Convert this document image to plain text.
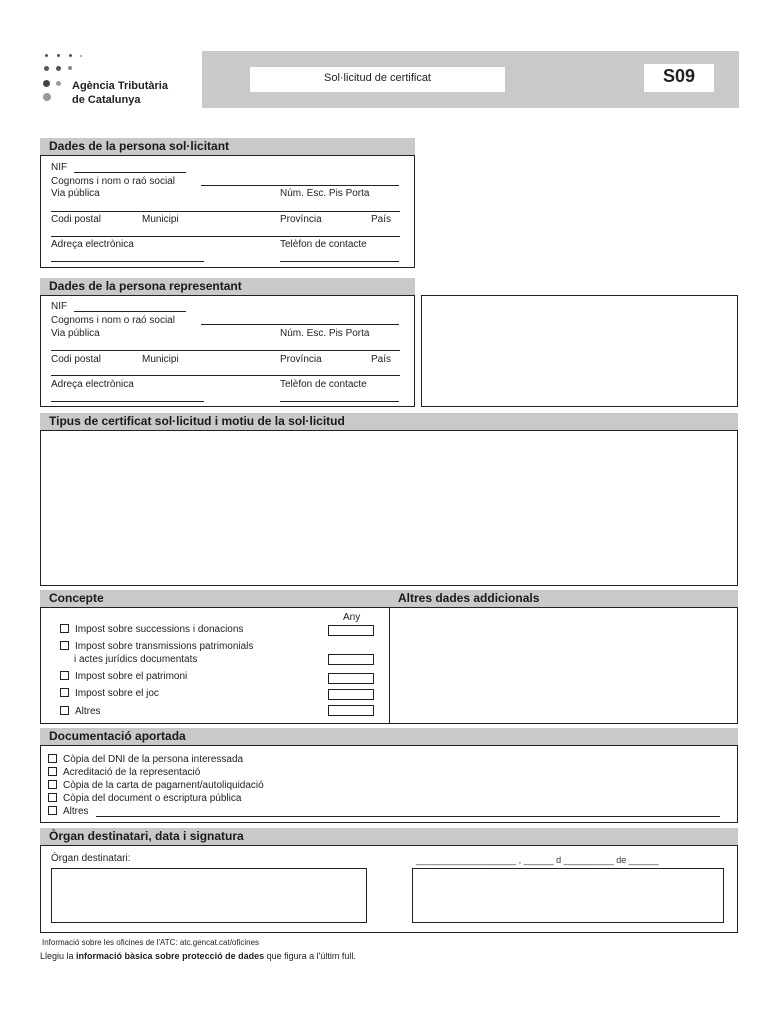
Agència Tributària
de Catalunya
Sol·licitud de certificat	S09
Dades de la persona sol·licitant
NIF
Cognoms i nom o raó social
Via pública	Núm. Esc. Pis Porta
Codi postal	Municipi	Província	País
Adreça electrònica	Telèfon de contacte
Dades de la persona representant
NIF
Cognoms i nom o raó social
Via pública	Núm. Esc. Pis Porta
Codi postal	Municipi	Província	País
Adreça electrònica	Telèfon de contacte
Tipus de certificat sol·licitud i motiu de la sol·licitud
Concepte	Altres dades addicionals
Any
Impost sobre successions i donacions
Impost sobre transmissions patrimonials
i actes jurídics documentats
Impost sobre el patrimoni
Impost sobre el joc
Altres
Documentació aportada
Còpia del DNI de la persona interessada
Acreditació de la representació
Còpia de la carta de pagament/autoliquidació
Còpia del document o escriptura pública
Altres
Òrgan destinatari, data i signatura
Òrgan destinatari:	____________________ , ______ d __________ de ______
Informació sobre les oficines de l'ATC: atc.gencat.cat/oficines
Llegiu la informació bàsica sobre protecció de dades que figura a l'últim full.
